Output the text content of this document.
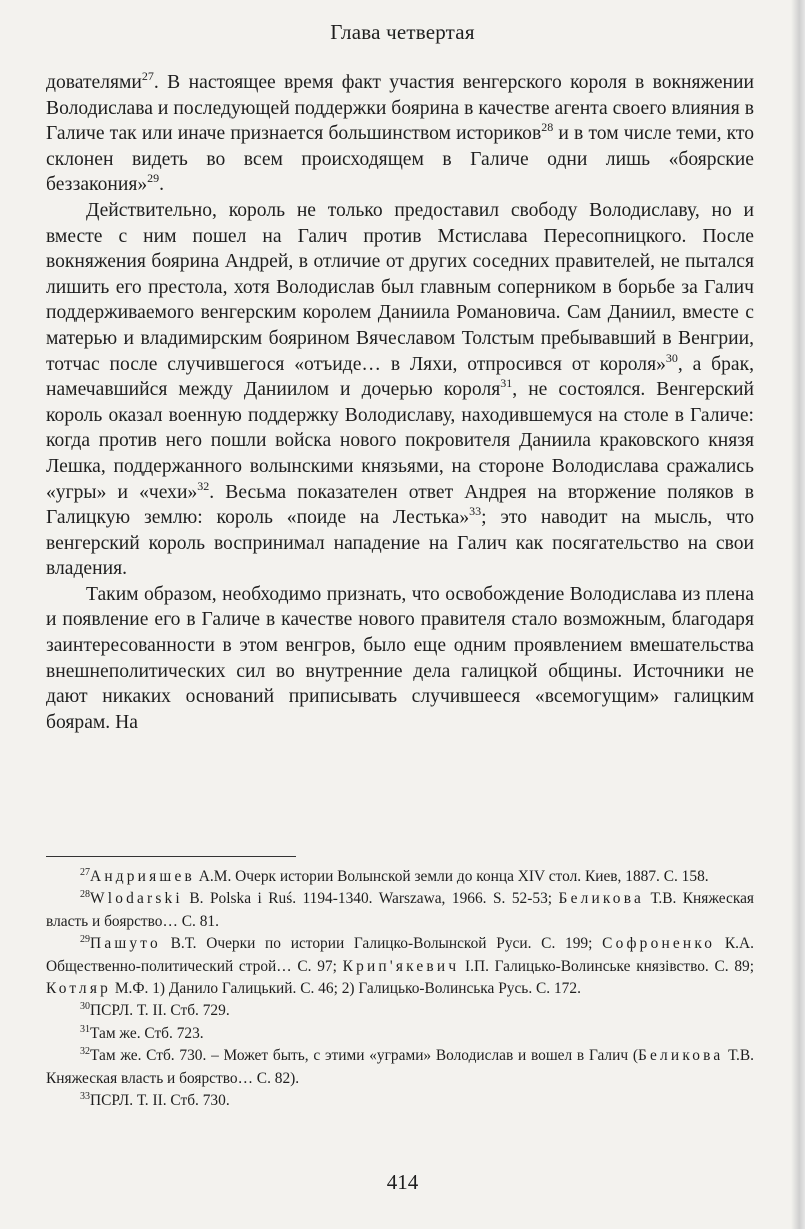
Глава четвертая

дователями$^{27}$. В настоящее время факт участия венгерского короля в вокняжении Володислава и последующей поддержки боярина в качестве агента своего влияния в Галиче так или иначе признается большинством историков$^{28}$ и в том числе теми, кто склонен видеть во всем происходящем в Галиче одни лишь «боярские беззакония»$^{29}$.

Действительно, король не только предоставил свободу Володиславу, но и вместе с ним пошел на Галич против Мстислава Пересопницкого. После вокняжения боярина Андрей, в отличие от других соседних правителей, не пытался лишить его престола, хотя Володислав был главным соперником в борьбе за Галич поддерживаемого венгерским королем Даниила Романовича. Сам Даниил, вместе с матерью и владимирским боярином Вячеславом Толстым пребывавший в Венгрии, тотчас после случившегося «отъиде… в Ляхи, отпросився от короля»$^{30}$, а брак, намечавшийся между Даниилом и дочерью короля$^{31}$, не состоялся. Венгерский король оказал военную поддержку Володиславу, находившемуся на столе в Галиче: когда против него пошли войска нового покровителя Даниила краковского князя Лешка, поддержанного волынскими князьями, на стороне Володислава сражались «угры» и «чехи»$^{32}$. Весьма показателен ответ Андрея на вторжение поляков в Галицкую землю: король «поиде на Лестька»$^{33}$; это наводит на мысль, что венгерский король воспринимал нападение на Галич как посягательство на свои владения.

Таким образом, необходимо признать, что освобождение Володислава из плена и появление его в Галиче в качестве нового правителя стало возможным, благодаря заинтересованности в этом венгров, было еще одним проявлением вмешательства внешнеполитических сил во внутренние дела галицкой общины. Источники не дают никаких оснований приписывать случившееся «всемогущим» галицким боярам. На

$^{27}$Андрияшев А.М. Очерк истории Волынской земли до конца XIV стол. Киев, 1887. С. 158.

$^{28}$Wlodarski B. Polska i Ruś. 1194-1340. Warszawa, 1966. S. 52-53; Беликова Т.В. Княжеская власть и боярство… С. 81.

$^{29}$Пашуто В.Т. Очерки по истории Галицко-Волынской Руси. С. 199; Софроненко К.А. Общественно-политический строй… С. 97; Крип'якевич І.П. Галицько-Волинське князівство. С. 89; Котляр М.Ф. 1) Данило Галицький. С. 46; 2) Галицько-Волинська Русь. С. 172.

$^{30}$ПСРЛ. Т. II. Стб. 729.

$^{31}$Там же. Стб. 723.

$^{32}$Там же. Стб. 730. – Может быть, с этими «уграми» Володислав и вошел в Галич (Беликова Т.В. Княжеская власть и боярство… С. 82).

$^{33}$ПСРЛ. Т. II. Стб. 730.

414
